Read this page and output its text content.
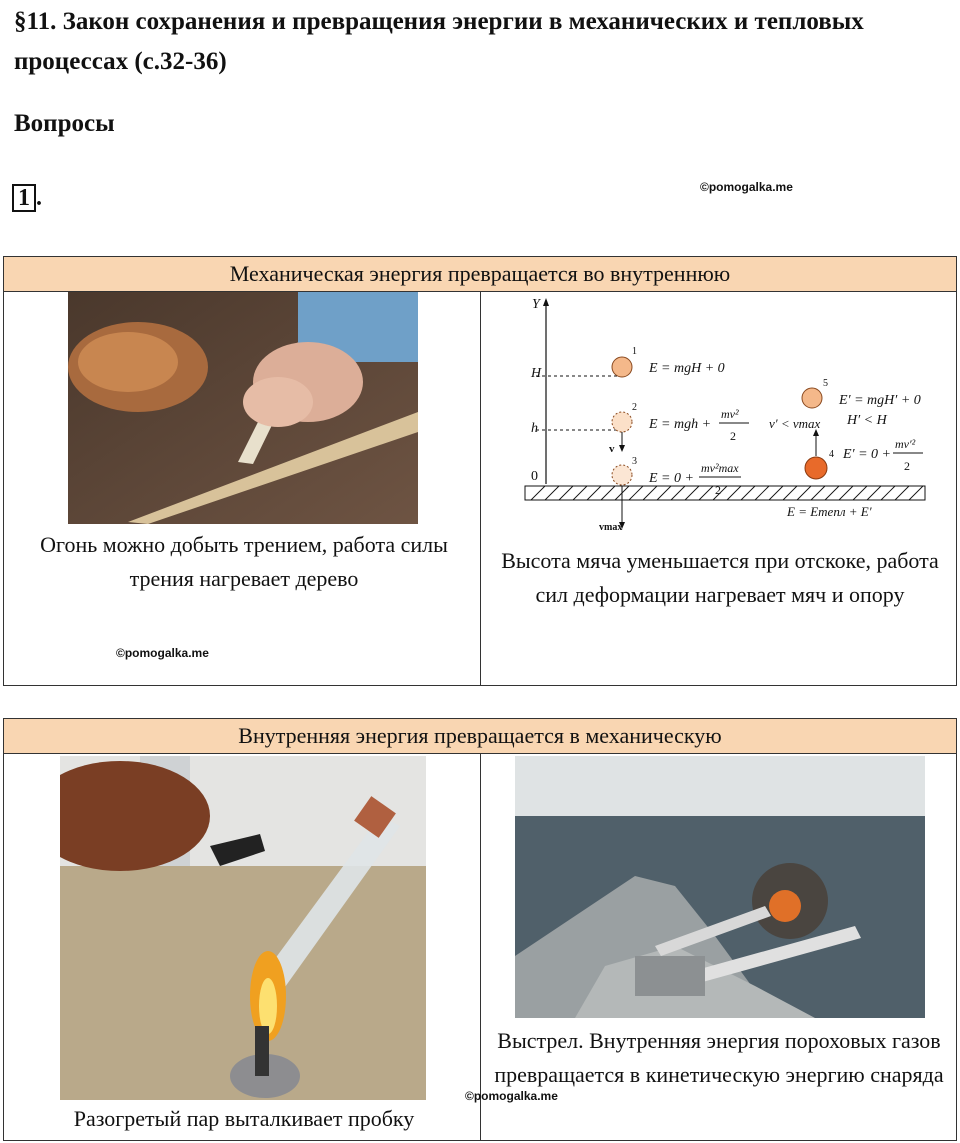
§11. Закон сохранения и превращения энергии в механических и тепловых процессах (с.32-36)
Вопросы
1 .	©pomogalka.me
Механическая энергия превращается во внутреннюю
Огонь можно добыть трением, работа силы трения нагревает дерево
©pomogalka.me
Y
H
h
0
1
2
v
3
vmax
4
v′ < vmax
5
E = mgH + 0
E = mgh +
mv²
2
E = 0 +
mv²max
2
E′ = mgH′ + 0
H′ < H
E′ = 0 +
mv′²
2
E = Eтепл + E′
Высота мяча уменьшается при отскоке, работа сил деформации нагревает мяч и опору
Внутренняя энергия превращается в механическую
Разогретый пар выталкивает пробку
Выстрел. Внутренняя энергия пороховых газов превращается в кинетическую энергию снаряда
©pomogalka.me
